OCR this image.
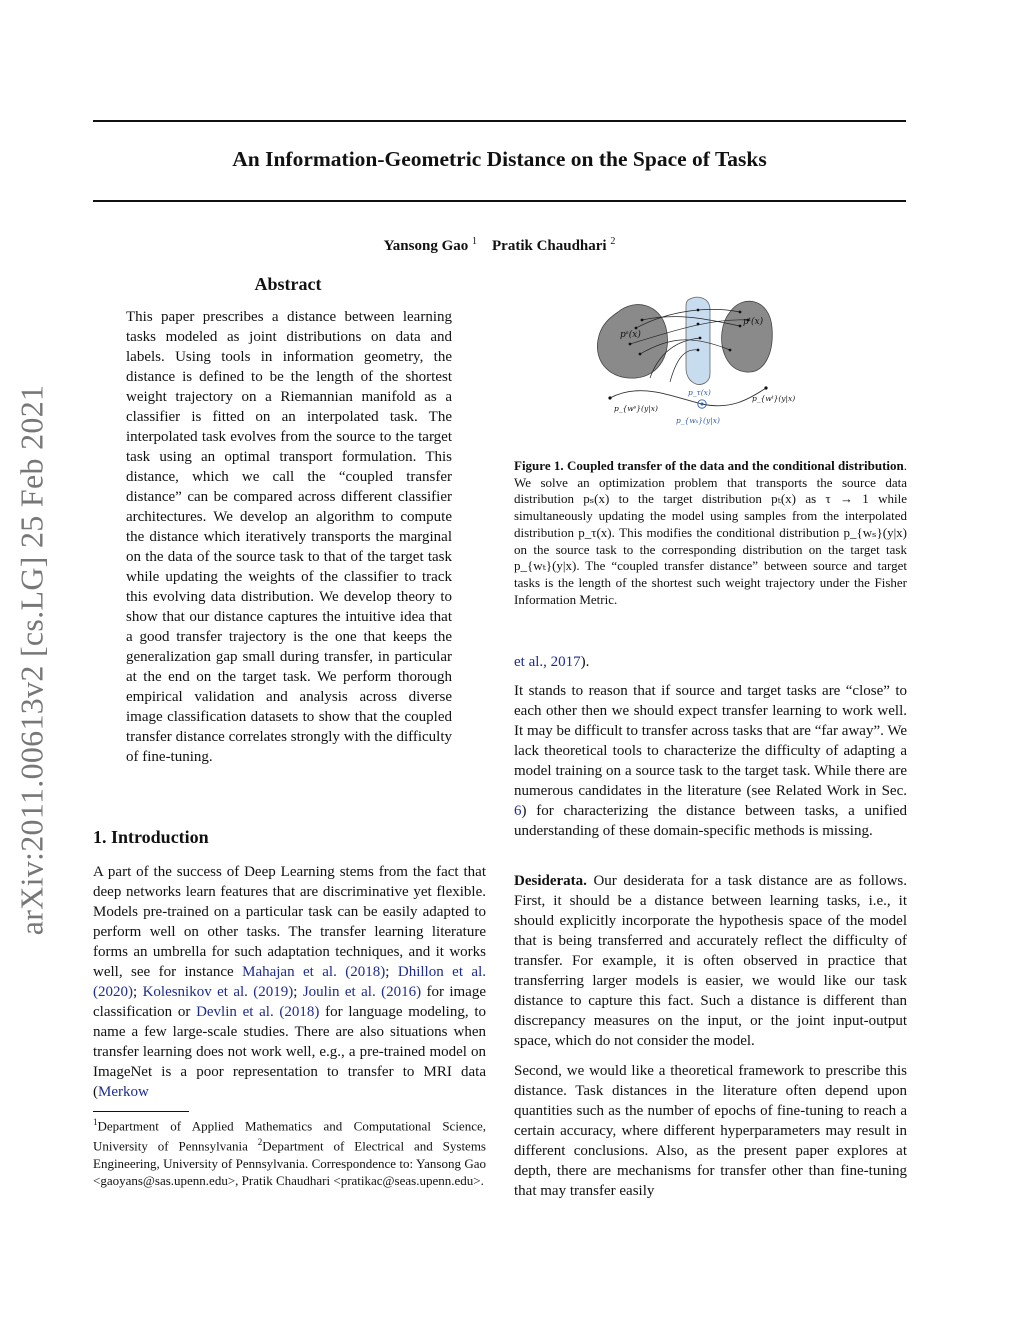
arXiv:2011.00613v2 [cs.LG] 25 Feb 2021
An Information-Geometric Distance on the Space of Tasks
Yansong Gao $^1$ Pratik Chaudhari $^2$
Abstract

This paper prescribes a distance between learning tasks modeled as joint distributions on data and labels. Using tools in information geometry, the distance is defined to be the length of the shortest weight trajectory on a Riemannian manifold as a classifier is fitted on an interpolated task. The interpolated task evolves from the source to the target task using an optimal transport formulation. This distance, which we call the “coupled transfer distance” can be compared across different classifier architectures. We develop an algorithm to compute the distance which iteratively transports the marginal on the data of the source task to that of the target task while updating the weights of the classifier to track this evolving data distribution. We develop theory to show that our distance captures the intuitive idea that a good transfer trajectory is the one that keeps the generalization gap small during transfer, in particular at the end on the target task. We perform thorough empirical validation and analysis across diverse image classification datasets to show that the coupled transfer distance correlates strongly with the difficulty of fine-tuning.

1. Introduction

A part of the success of Deep Learning stems from the fact that deep networks learn features that are discriminative yet flexible. Models pre-trained on a particular task can be easily adapted to perform well on other tasks. The transfer learning literature forms an umbrella for such adaptation techniques, and it works well, see for instance Mahajan et al. (2018); Dhillon et al. (2020); Kolesnikov et al. (2019); Joulin et al. (2016) for image classification or Devlin et al. (2018) for language modeling, to name a few large-scale studies. There are also situations when transfer learning does not work well, e.g., a pre-trained model on ImageNet is a poor representation to transfer to MRI data (Merkow

$^1$Department of Applied Mathematics and Computational Science, University of Pennsylvania $^2$Department of Electrical and Systems Engineering, University of Pennsylvania. Correspondence to: Yansong Gao <gaoyans@sas.upenn.edu>, Pratik Chaudhari <pratikac@seas.upenn.edu>.

pˢ(x)
pᵗ(x)
p_τ(x)
p_{wˢ}(y|x)
p_{wᵗ}(y|x)
p_{wₛ}(y|x)

Figure 1. Coupled transfer of the data and the conditional distribution. We solve an optimization problem that transports the source data distribution pₛ(x) to the target distribution pₜ(x) as τ → 1 while simultaneously updating the model using samples from the interpolated distribution p_τ(x). This modifies the conditional distribution p_{wₛ}(y|x) on the source task to the corresponding distribution on the target task p_{wₜ}(y|x). The “coupled transfer distance” between source and target tasks is the length of the shortest such weight trajectory under the Fisher Information Metric.

et al., 2017).

It stands to reason that if source and target tasks are “close” to each other then we should expect transfer learning to work well. It may be difficult to transfer across tasks that are “far away”. We lack theoretical tools to characterize the difficulty of adapting a model training on a source task to the target task. While there are numerous candidates in the literature (see Related Work in Sec. 6) for characterizing the distance between tasks, a unified understanding of these domain-specific methods is missing.

Desiderata. Our desiderata for a task distance are as follows. First, it should be a distance between learning tasks, i.e., it should explicitly incorporate the hypothesis space of the model that is being transferred and accurately reflect the difficulty of transfer. For example, it is often observed in practice that transferring larger models is easier, we would like our task distance to capture this fact. Such a distance is different than discrepancy measures on the input, or the joint input-output space, which do not consider the model.

Second, we would like a theoretical framework to prescribe this distance. Task distances in the literature often depend upon quantities such as the number of epochs of fine-tuning to reach a certain accuracy, where different hyperparameters may result in different conclusions. Also, as the present paper explores at depth, there are mechanisms for transfer other than fine-tuning that may transfer easily
